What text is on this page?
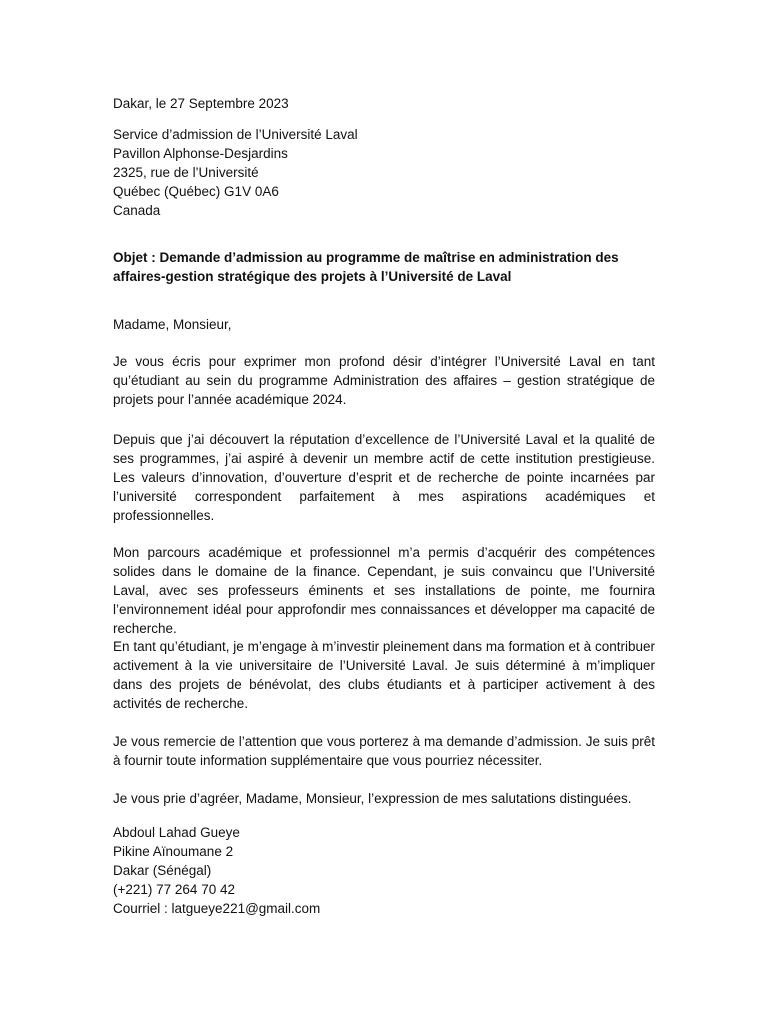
Dakar, le 27 Septembre 2023

Service d’admission de l’Université Laval
Pavillon Alphonse-Desjardins
2325, rue de l’Université
Québec (Québec) G1V 0A6
Canada

Objet : Demande d’admission au programme de maîtrise en administration des affaires-gestion stratégique des projets à l’Université de Laval

Madame, Monsieur,

Je vous écris pour exprimer mon profond désir d’intégrer l’Université Laval en tant qu’étudiant au sein du programme Administration des affaires – gestion stratégique de projets pour l’année académique 2024.

Depuis que j’ai découvert la réputation d’excellence de l’Université Laval et la qualité de ses programmes, j’ai aspiré à devenir un membre actif de cette institution prestigieuse. Les valeurs d’innovation, d’ouverture d’esprit et de recherche de pointe incarnées par l’université correspondent parfaitement à mes aspirations académiques et professionnelles.

Mon parcours académique et professionnel m’a permis d’acquérir des compétences solides dans le domaine de la finance. Cependant, je suis convaincu que l’Université Laval, avec ses professeurs éminents et ses installations de pointe, me fournira l’environnement idéal pour approfondir mes connaissances et développer ma capacité de recherche.

En tant qu’étudiant, je m’engage à m’investir pleinement dans ma formation et à contribuer activement à la vie universitaire de l’Université Laval. Je suis déterminé à m’impliquer dans des projets de bénévolat, des clubs étudiants et à participer activement à des activités de recherche.

Je vous remercie de l’attention que vous porterez à ma demande d’admission. Je suis prêt à fournir toute information supplémentaire que vous pourriez nécessiter.

Je vous prie d’agréer, Madame, Monsieur, l’expression de mes salutations distinguées.

Abdoul Lahad Gueye
Pikine Aïnoumane 2
Dakar (Sénégal)
(+221) 77 264 70 42
Courriel : latgueye221@gmail.com
